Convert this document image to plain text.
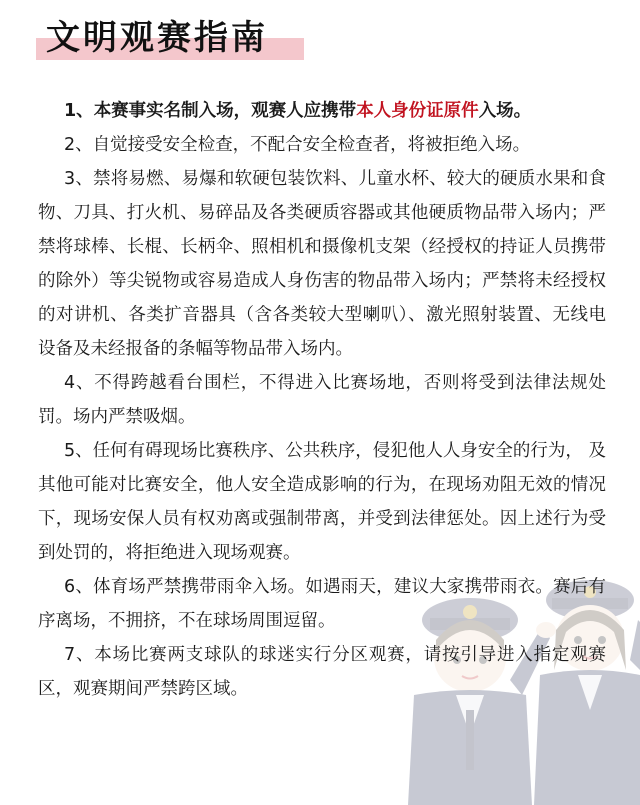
文明观赛指南

1、本赛事实名制入场，观赛人应携带本人身份证原件入场。

2、自觉接受安全检查，不配合安全检查者，将被拒绝入场。

3、禁将易燃、易爆和软硬包装饮料、儿童水杯、较大的硬质水果和食物、刀具、打火机、易碎品及各类硬质容器或其他硬质物品带入场内；严禁将球棒、长棍、长柄伞、照相机和摄像机支架（经授权的持证人员携带的除外）等尖锐物或容易造成人身伤害的物品带入场内；严禁将未经授权的对讲机、各类扩音器具（含各类较大型喇叭）、激光照射装置、无线电设备及未经报备的条幅等物品带入场内。

4、不得跨越看台围栏，不得进入比赛场地，否则将受到法律法规处罚。场内严禁吸烟。

5、任何有碍现场比赛秩序、公共秩序，侵犯他人人身安全的行为， 及其他可能对比赛安全，他人安全造成影响的行为，在现场劝阻无效的情况下，现场安保人员有权劝离或强制带离，并受到法律惩处。因上述行为受到处罚的，将拒绝进入现场观赛。

6、体育场严禁携带雨伞入场。如遇雨天，建议大家携带雨衣。赛后有序离场，不拥挤，不在球场周围逗留。

7、本场比赛两支球队的球迷实行分区观赛，请按引导进入指定观赛区，观赛期间严禁跨区域。
